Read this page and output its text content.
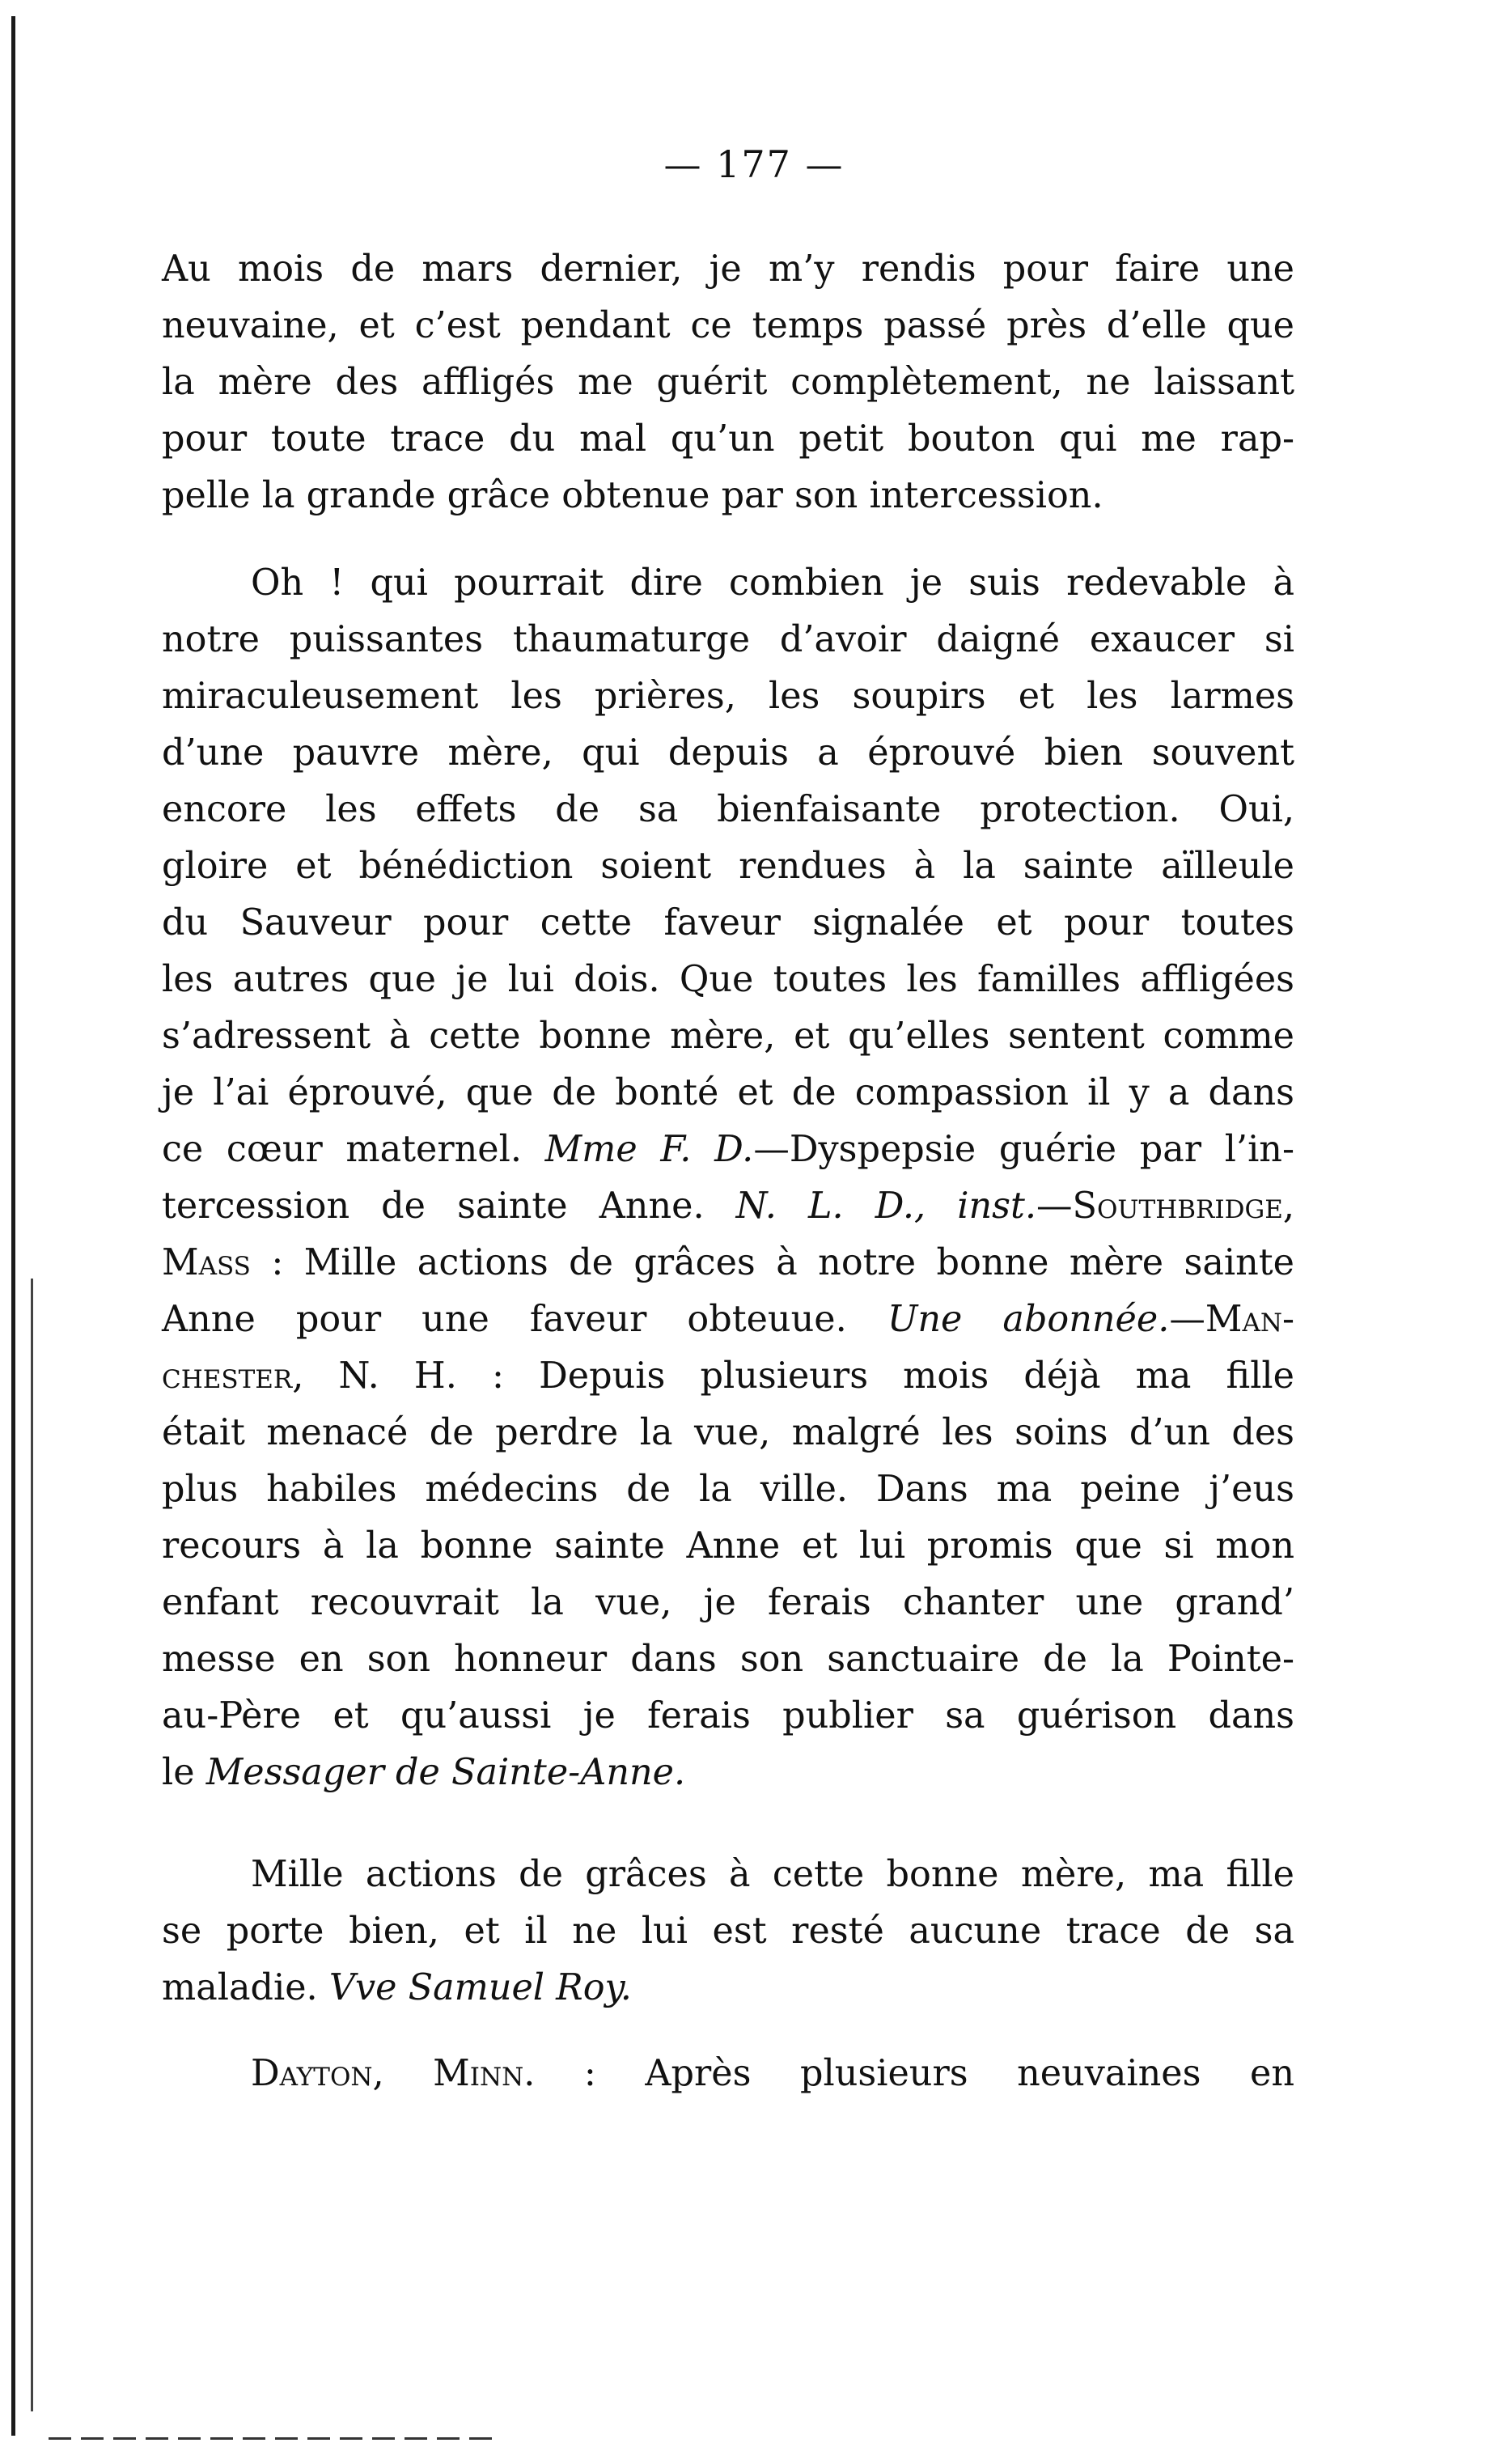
— 177 —
Au mois de mars dernier, je m’y rendis pour faire une
neuvaine, et c’est pendant ce temps passé près d’elle que
la mère des affligés me guérit complètement, ne laissant
pour toute trace du mal qu’un petit bouton qui me rap-
pelle la grande grâce obtenue par son intercession.
Oh ! qui pourrait dire combien je suis redevable à
notre puissantes thaumaturge d’avoir daigné exaucer si
miraculeusement les prières, les soupirs et les larmes
d’une pauvre mère, qui depuis a éprouvé bien souvent
encore les effets de sa bienfaisante protection. Oui,
gloire et bénédiction soient rendues à la sainte aïlleule
du Sauveur pour cette faveur signalée et pour toutes
les autres que je lui dois. Que toutes les familles affligées
s’adressent à cette bonne mère, et qu’elles sentent comme
je l’ai éprouvé, que de bonté et de compassion il y a dans
ce cœur maternel. Mme F. D.—Dyspepsie guérie par l’in-
tercession de sainte Anne. N. L. D., inst.—Southbridge,
Mass : Mille actions de grâces à notre bonne mère sainte
Anne pour une faveur obteuue. Une abonnée.—Man-
chester, N. H. : Depuis plusieurs mois déjà ma fille
était menacé de perdre la vue, malgré les soins d’un des
plus habiles médecins de la ville. Dans ma peine j’eus
recours à la bonne sainte Anne et lui promis que si mon
enfant recouvrait la vue, je ferais chanter une grand’
messe en son honneur dans son sanctuaire de la Pointe-
au-Père et qu’aussi je ferais publier sa guérison dans
le Messager de Sainte-Anne.
Mille actions de grâces à cette bonne mère, ma fille
se porte bien, et il ne lui est resté aucune trace de sa
maladie. Vve Samuel Roy.
Dayton, Minn. : Après plusieurs neuvaines en
